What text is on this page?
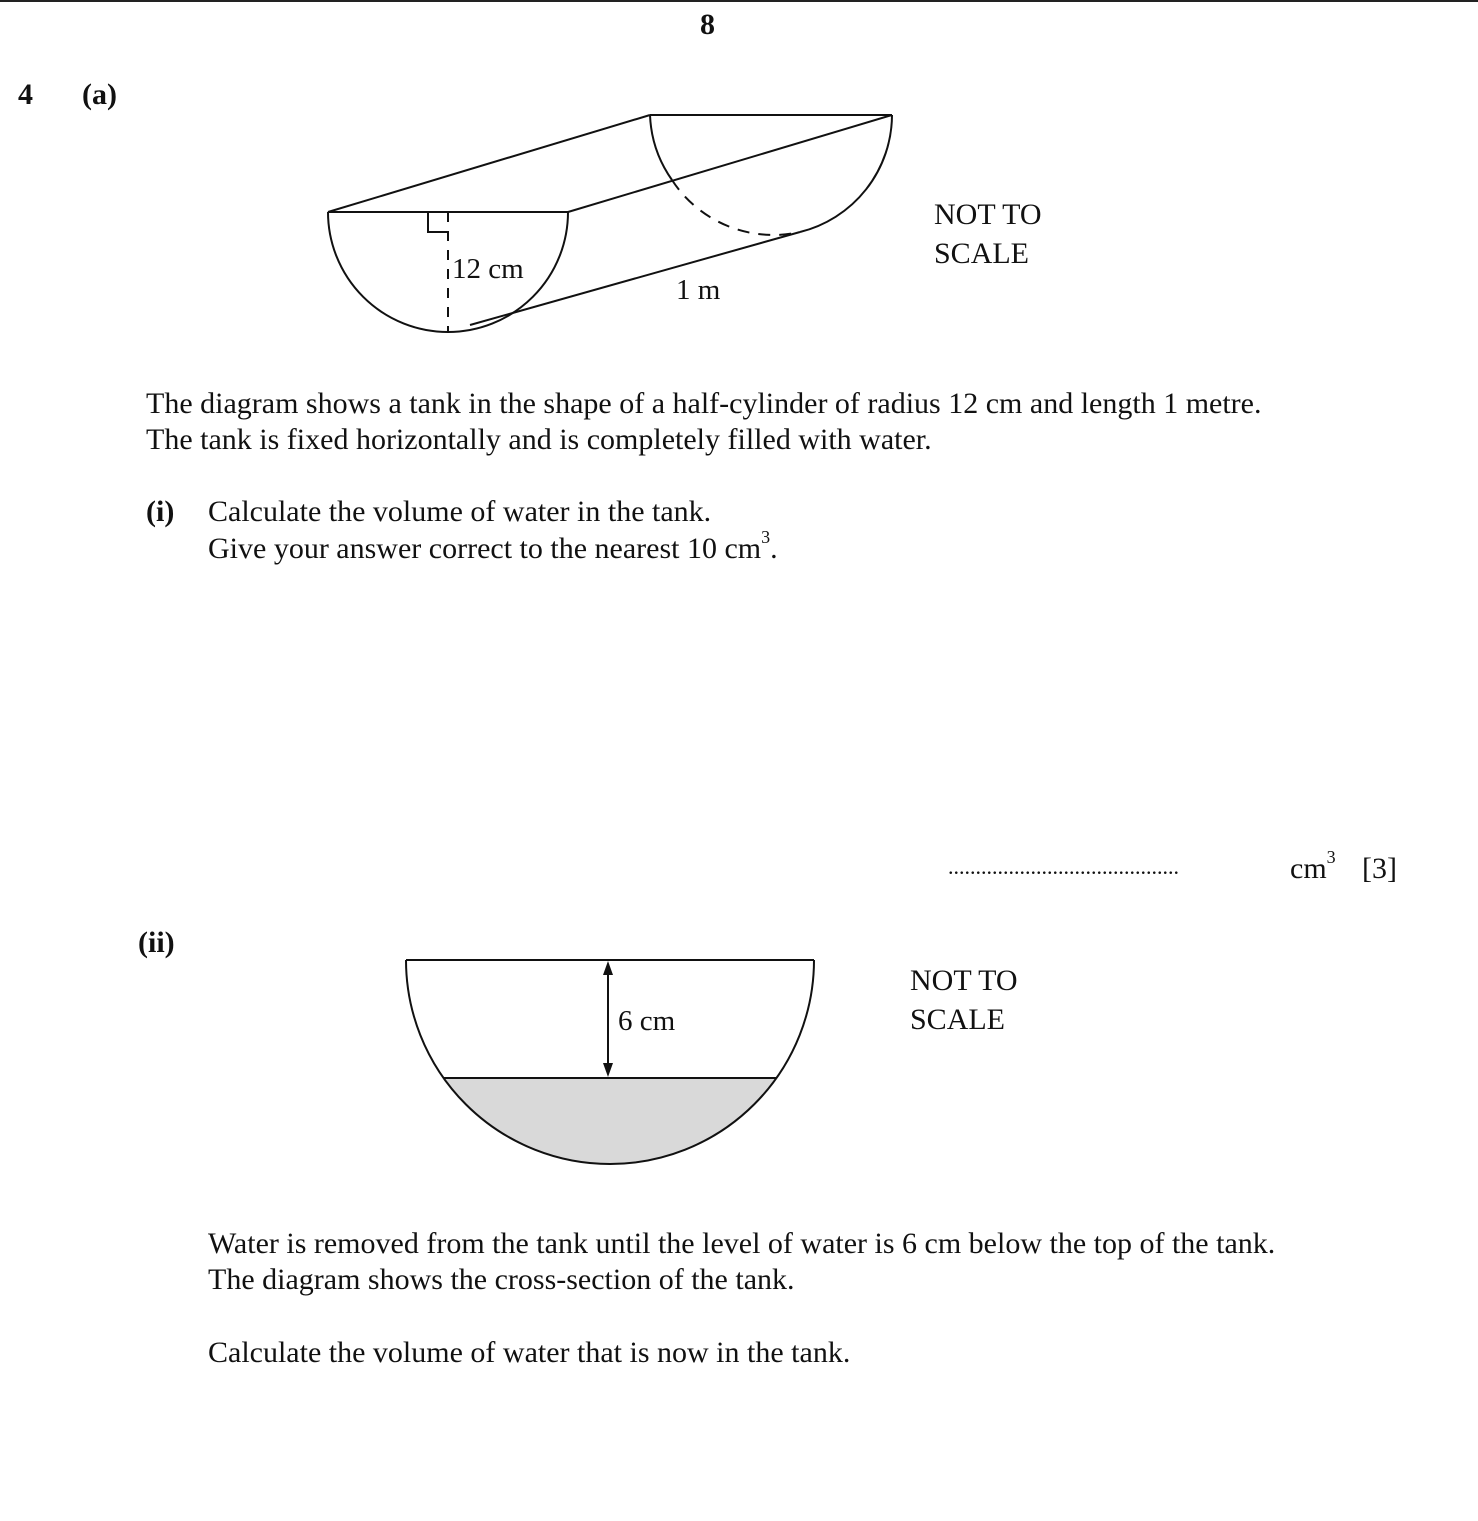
8
4 (a)
12 cm
1 m
NOT TO
SCALE
The diagram shows a tank in the shape of a half-cylinder of radius 12 cm and length 1 metre.
The tank is fixed horizontally and is completely filled with water.
(i) Calculate the volume of water in the tank.
Give your answer correct to the nearest 10 $cm^3$.
..........................................	$cm^3$ [3]
(ii)
6 cm
NOT TO
SCALE
Water is removed from the tank until the level of water is 6 cm below the top of the tank.
The diagram shows the cross-section of the tank.
Calculate the volume of water that is now in the tank.
